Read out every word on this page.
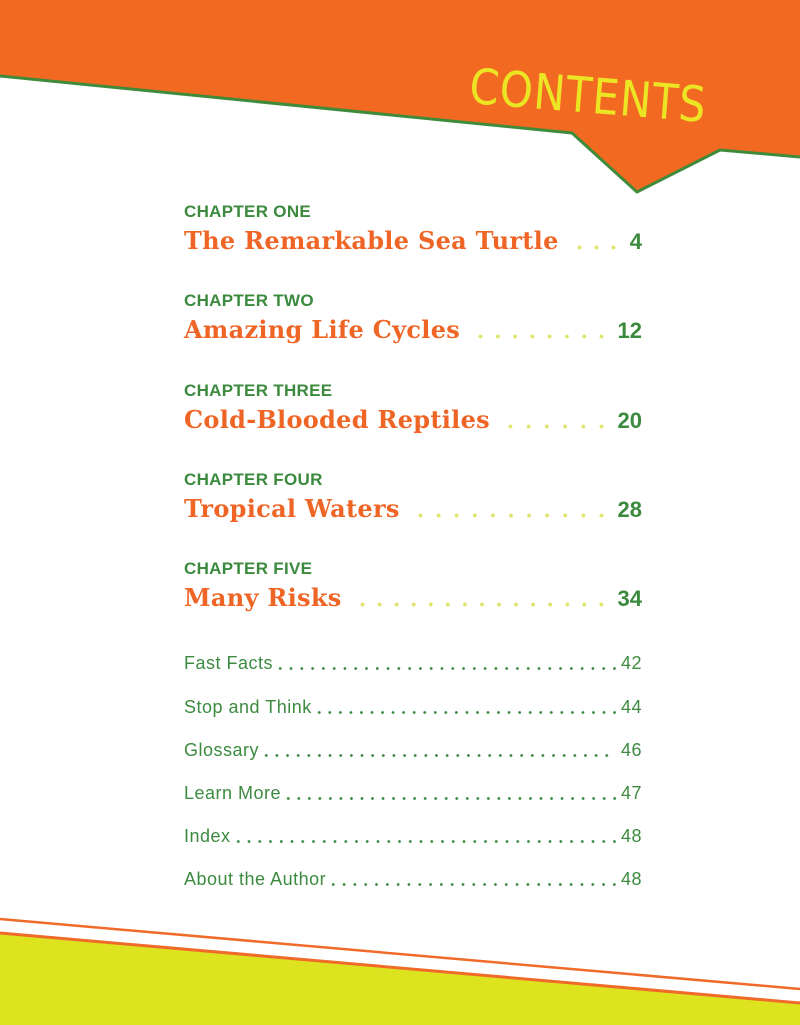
CONTENTS
CHAPTER ONE
The Remarkable Sea Turtle	4
CHAPTER TWO
Amazing Life Cycles	12
CHAPTER THREE
Cold-Blooded Reptiles	20
CHAPTER FOUR
Tropical Waters	28
CHAPTER FIVE
Many Risks	34
Fast Facts	42
Stop and Think	44
Glossary	46
Learn More	47
Index	48
About the Author	48
